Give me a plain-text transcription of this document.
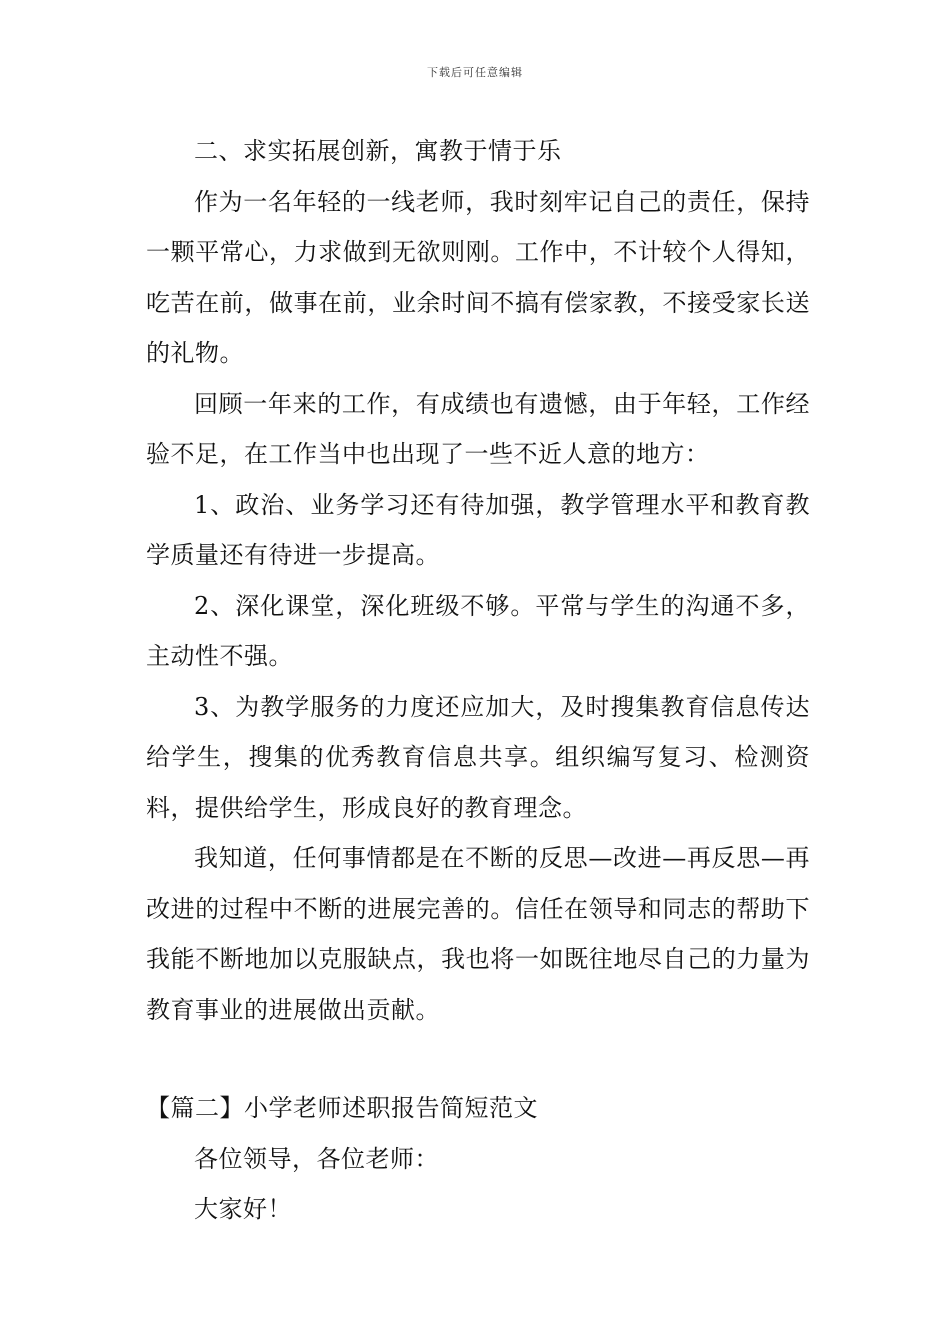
下载后可任意编辑

二、求实拓展创新，寓教于情于乐

作为一名年轻的一线老师，我时刻牢记自己的责任，保持一颗平常心，力求做到无欲则刚。工作中，不计较个人得知，吃苦在前，做事在前，业余时间不搞有偿家教，不接受家长送的礼物。

回顾一年来的工作，有成绩也有遗憾，由于年轻，工作经验不足，在工作当中也出现了一些不近人意的地方：

1、政治、业务学习还有待加强，教学管理水平和教育教学质量还有待进一步提高。

2、深化课堂，深化班级不够。平常与学生的沟通不多，主动性不强。

3、为教学服务的力度还应加大，及时搜集教育信息传达给学生，搜集的优秀教育信息共享。组织编写复习、检测资料，提供给学生，形成良好的教育理念。

我知道，任何事情都是在不断的反思—改进—再反思—再改进的过程中不断的进展完善的。信任在领导和同志的帮助下我能不断地加以克服缺点，我也将一如既往地尽自己的力量为教育事业的进展做出贡献。

【篇二】小学老师述职报告简短范文

各位领导，各位老师：

大家好！
